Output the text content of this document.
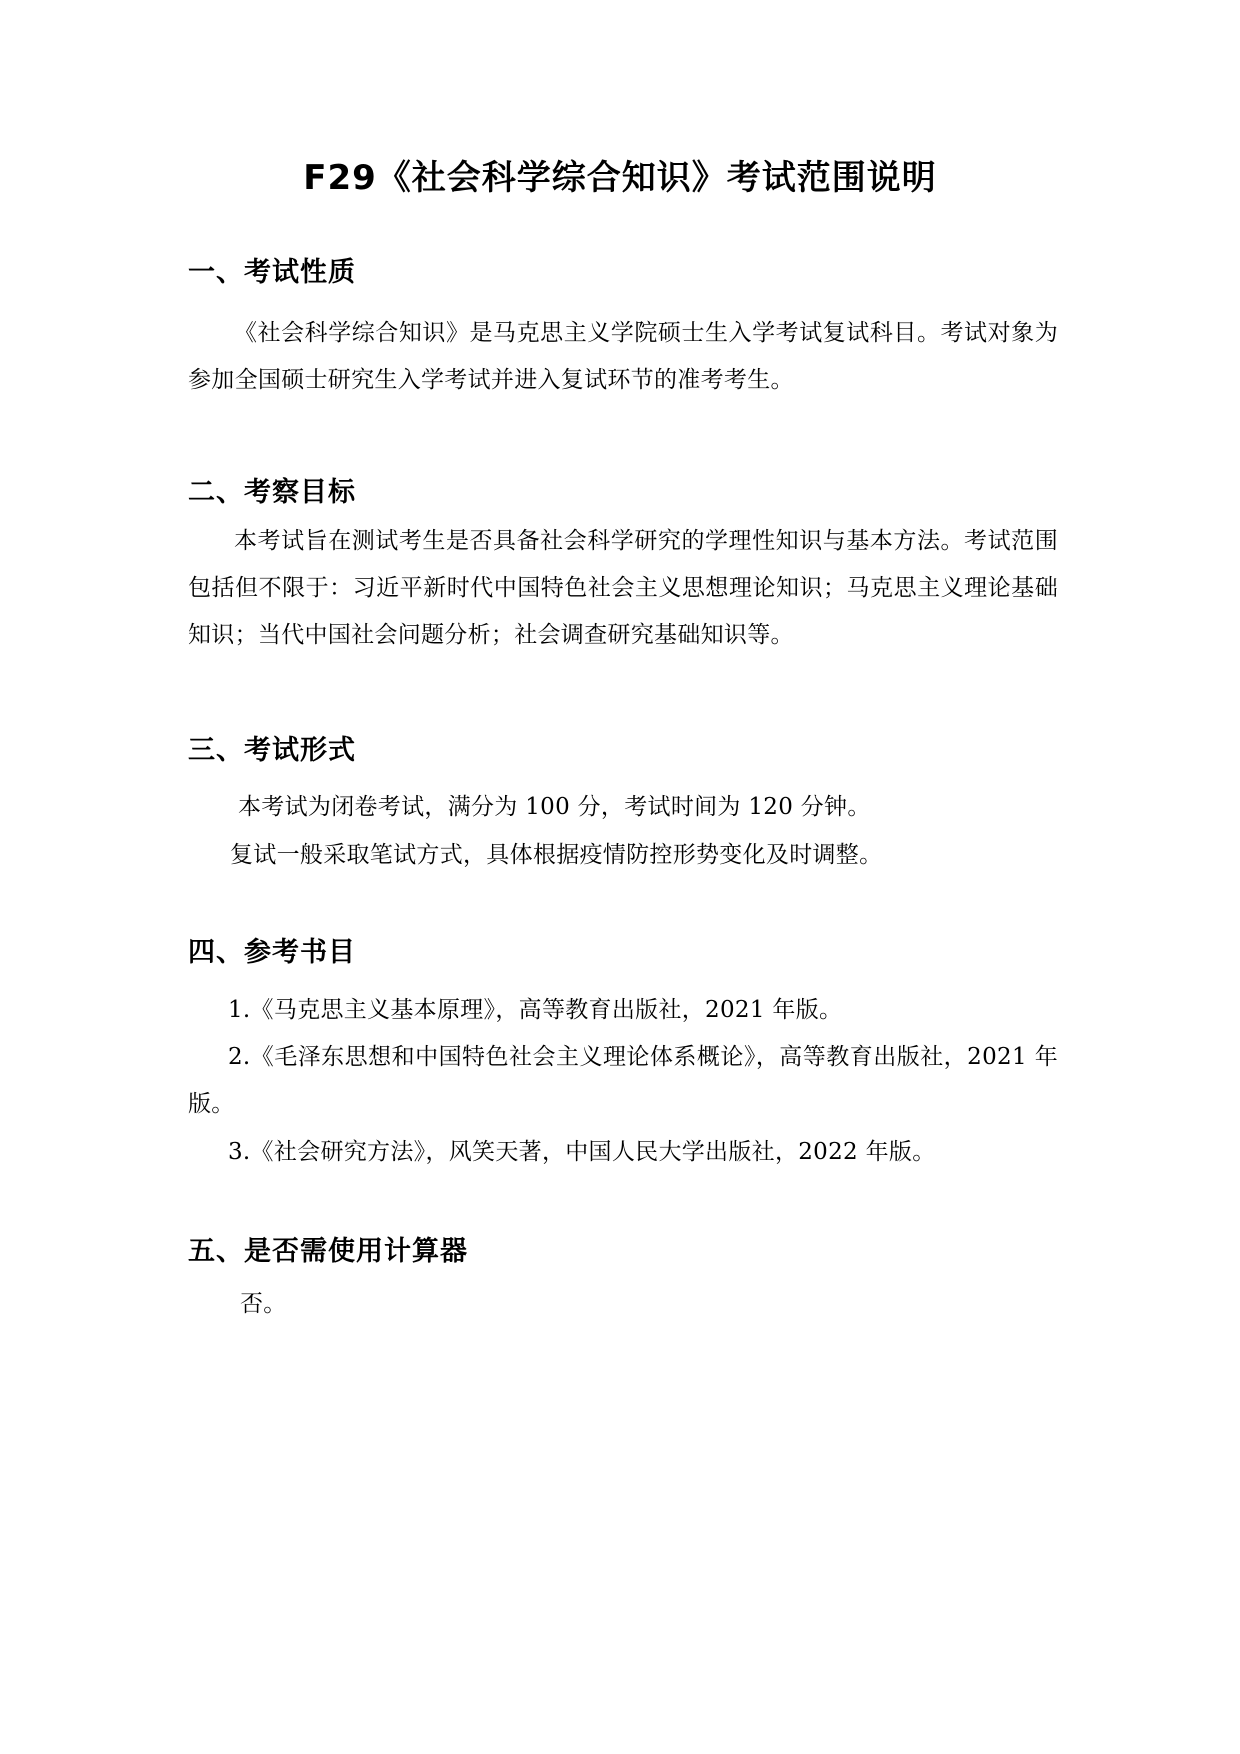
F29《社会科学综合知识》考试范围说明
一、考试性质
《社会科学综合知识》是马克思主义学院硕士生入学考试复试科目。考试对象为参加全国硕士研究生入学考试并进入复试环节的准考考生。
二、考察目标
本考试旨在测试考生是否具备社会科学研究的学理性知识与基本方法。考试范围包括但不限于：习近平新时代中国特色社会主义思想理论知识；马克思主义理论基础知识；当代中国社会问题分析；社会调查研究基础知识等。
三、考试形式
本考试为闭卷考试，满分为 100 分，考试时间为 120 分钟。
复试一般采取笔试方式，具体根据疫情防控形势变化及时调整。
四、参考书目
1.《马克思主义基本原理》，高等教育出版社，2021 年版。
2.《毛泽东思想和中国特色社会主义理论体系概论》，高等教育出版社，2021 年版。
3.《社会研究方法》，风笑天著，中国人民大学出版社，2022 年版。
五、是否需使用计算器
否。
